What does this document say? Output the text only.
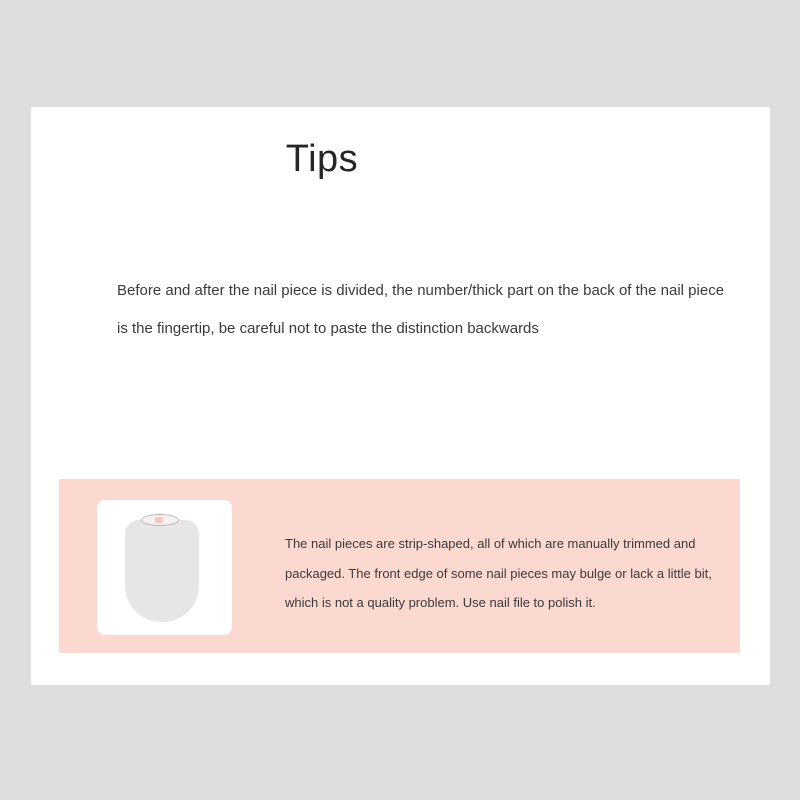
Tips

Before and after the nail piece is divided, the number/thick part on the back of the nail piece is the fingertip, be careful not to paste the distinction backwards

The nail pieces are strip-shaped, all of which are manually trimmed and packaged. The front edge of some nail pieces may bulge or lack a little bit, which is not a quality problem. Use nail file to polish it.
